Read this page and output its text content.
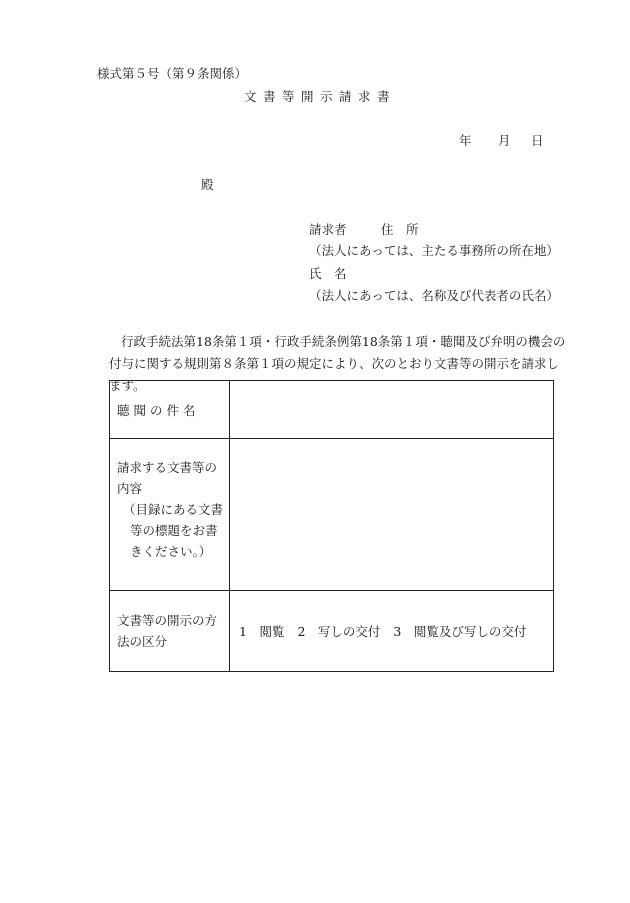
様式第５号（第９条関係）
文書等開示請求書
年 月 日
殿
請求者	住　所
（法人にあっては、主たる事務所の所在地）
氏　名
（法人にあっては、名称及び代表者の氏名）
行政手続法第18条第１項・行政手続条例第18条第１項・聴聞及び弁明の機会の付与に関する規則第８条第１項の規定により、次のとおり文書等の開示を請求します。
聴聞の件名	

請求する文書等の
内容
（目録にある文書
等の標題をお書
きください。）	

文書等の開示の方
法の区分	1　閲覧 2　写しの交付 3　閲覧及び写しの交付
